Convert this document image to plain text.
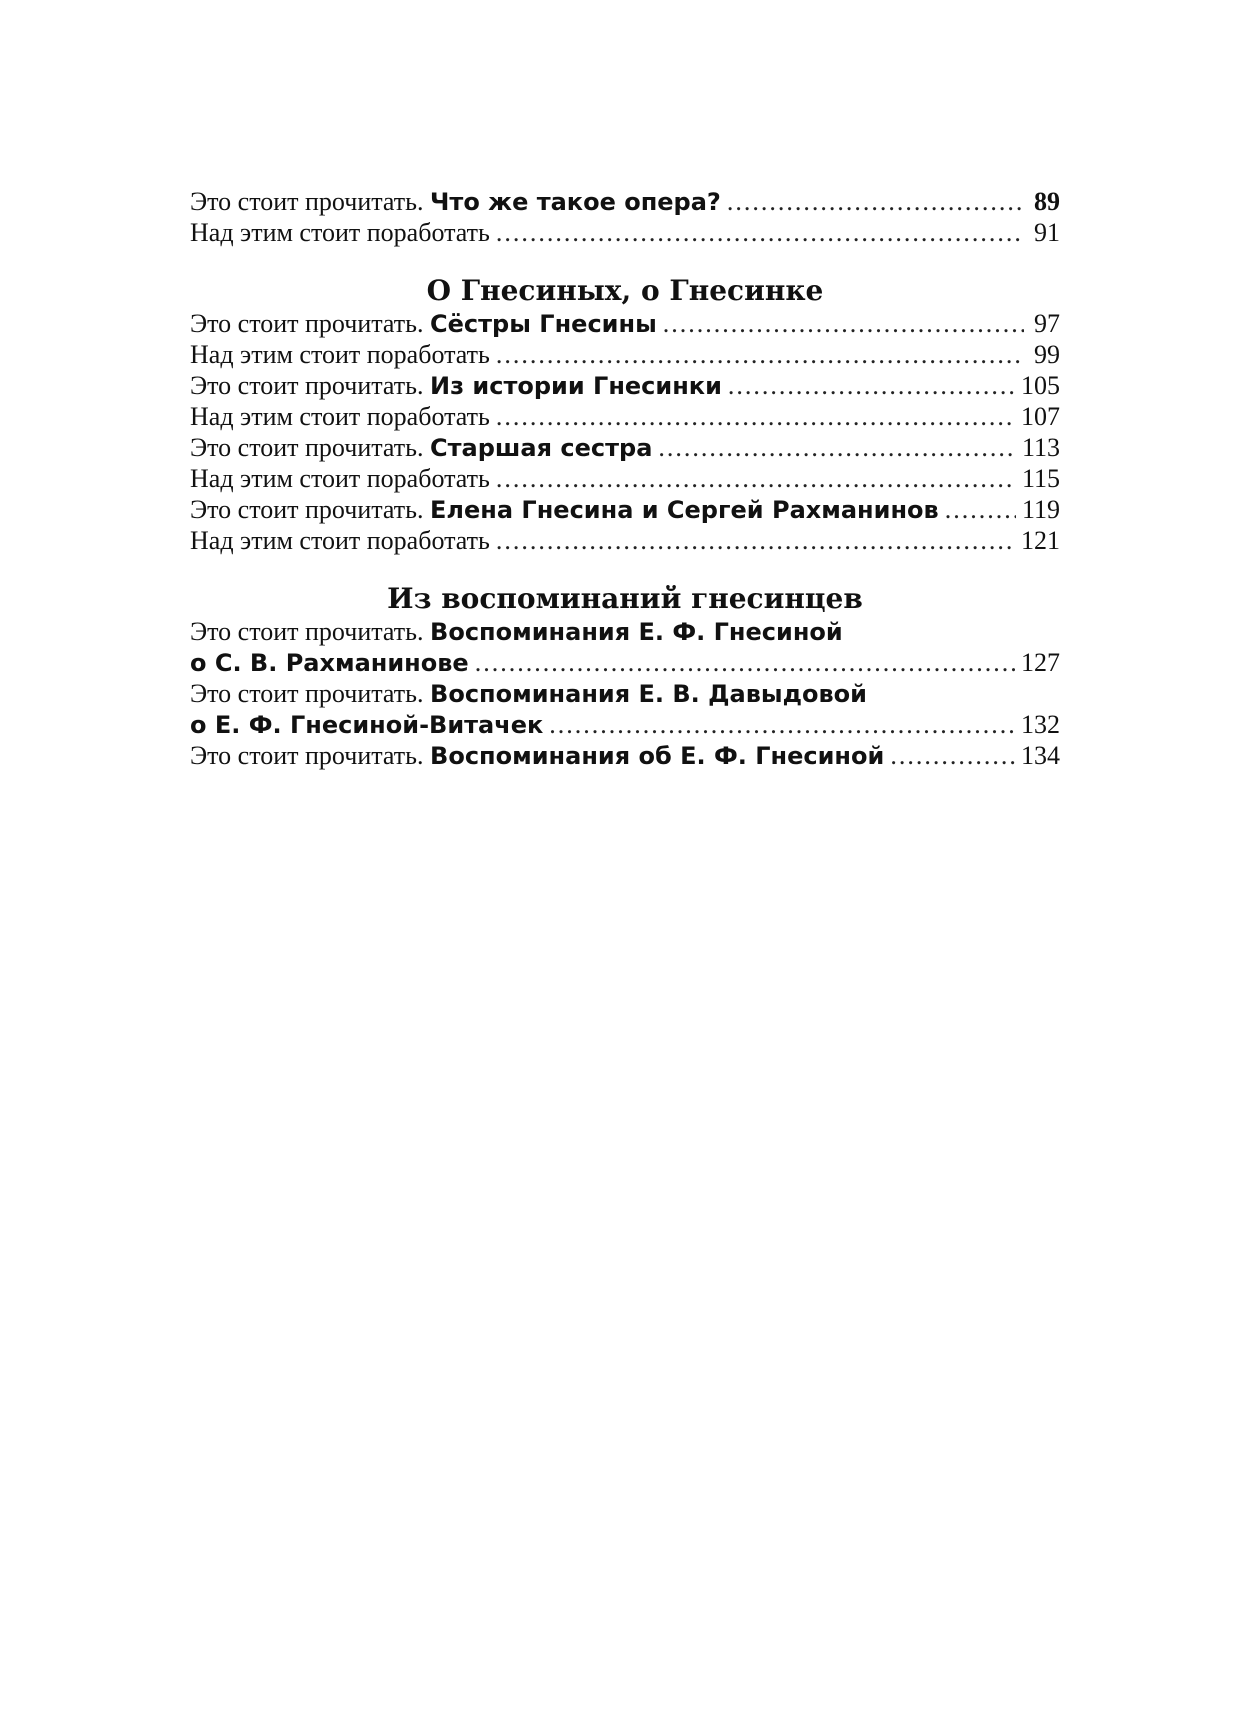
Это стоит прочитать. Что же такое опера? .....	89
Над этим стоит поработать .....	91
О Гнесиных, о Гнесинке
Это стоит прочитать. Сёстры Гнесины .....	97
Над этим стоит поработать .....	99
Это стоит прочитать. Из истории Гнесинки .....	105
Над этим стоит поработать .....	107
Это стоит прочитать. Старшая сестра .....	113
Над этим стоит поработать .....	115
Это стоит прочитать. Елена Гнесина и Сергей Рахманинов .....	119
Над этим стоит поработать .....	121
Из воспоминаний гнесинцев
Это стоит прочитать. Воспоминания Е. Ф. Гнесиной
о С. В. Рахманинове .....	127
Это стоит прочитать. Воспоминания Е. В. Давыдовой
о Е. Ф. Гнесиной-Витачек .....	132
Это стоит прочитать. Воспоминания об Е. Ф. Гнесиной .....	134
